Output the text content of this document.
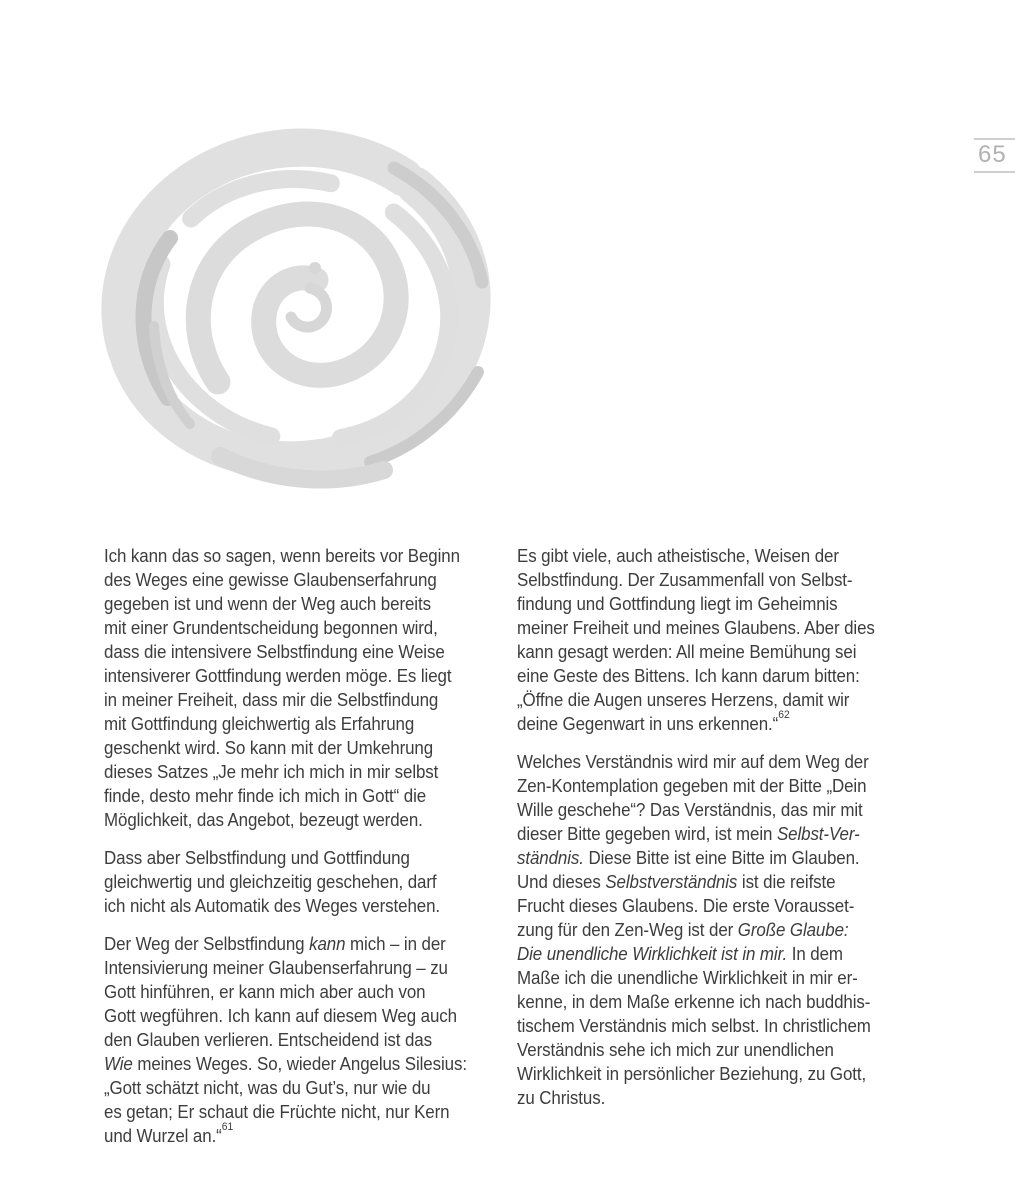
65

Ich kann das so sagen, wenn bereits vor Beginn
des Weges eine gewisse Glaubenserfahrung
gegeben ist und wenn der Weg auch bereits
mit einer Grundentscheidung begonnen wird,
dass die intensivere Selbstfindung eine Weise
intensiverer Gottfindung werden möge. Es liegt
in meiner Freiheit, dass mir die Selbstfindung
mit Gottfindung gleichwertig als Erfahrung
geschenkt wird. So kann mit der Umkehrung
dieses Satzes „Je mehr ich mich in mir selbst
finde, desto mehr finde ich mich in Gott“ die
Möglichkeit, das Angebot, bezeugt werden.

Dass aber Selbstfindung und Gottfindung
gleichwertig und gleichzeitig geschehen, darf
ich nicht als Automatik des Weges verstehen.

Der Weg der Selbstfindung kann mich – in der
Intensivierung meiner Glaubenserfahrung – zu
Gott hinführen, er kann mich aber auch von
Gott wegführen. Ich kann auf diesem Weg auch
den Glauben verlieren. Entscheidend ist das
Wie meines Weges. So, wieder Angelus Silesius:
„Gott schätzt nicht, was du Gut’s, nur wie du
es getan; Er schaut die Früchte nicht, nur Kern
und Wurzel an.“$^{61}$

Es gibt viele, auch atheistische, Weisen der
Selbstfindung. Der Zusammenfall von Selbst-
findung und Gottfindung liegt im Geheimnis
meiner Freiheit und meines Glaubens. Aber dies
kann gesagt werden: All meine Bemühung sei
eine Geste des Bittens. Ich kann darum bitten:
„Öffne die Augen unseres Herzens, damit wir
deine Gegenwart in uns erkennen.“$^{62}$

Welches Verständnis wird mir auf dem Weg der
Zen-Kontemplation gegeben mit der Bitte „Dein
Wille geschehe“? Das Verständnis, das mir mit
dieser Bitte gegeben wird, ist mein Selbst-Ver-
ständnis. Diese Bitte ist eine Bitte im Glauben.
Und dieses Selbstverständnis ist die reifste
Frucht dieses Glaubens. Die erste Vorausset-
zung für den Zen-Weg ist der Große Glaube:
Die unendliche Wirklichkeit ist in mir. In dem
Maße ich die unendliche Wirklichkeit in mir er-
kenne, in dem Maße erkenne ich nach buddhis-
tischem Verständnis mich selbst. In christlichem
Verständnis sehe ich mich zur unendlichen
Wirklichkeit in persönlicher Beziehung, zu Gott,
zu Christus.
